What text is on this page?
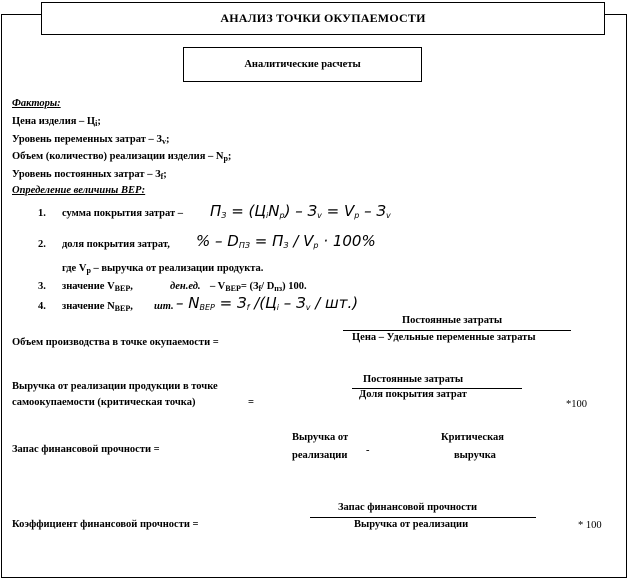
АНАЛИЗ ТОЧКИ ОКУПАЕМОСТИ
Аналитические расчеты
Факторы:
Цена изделия – Цi;
Уровень переменных затрат – Зv;
Объем (количество) реализации изделия – Np;
Уровень постоянных затрат – Зf;
Определение величины ВЕР:
1. сумма покрытия затрат – ПЗ = (ЦiNp) – Зv = Vp – Зv
2. доля покрытия затрат, % – DПЗ = ПЗ / Vp · 100%
где Vp – выручка от реализации продукта.
3. значение VBEP,	ден.ед. – VBEP= (Зf/ Dпз) 100.
4. значение NBEP, шт. – NBEP = Зf /(Цi – Зv / шт.)
Объем производства в точке окупаемости =
Постоянные затраты
Цена – Удельные переменные затраты
Выручка от реализации продукции в точке
самоокупаемости (критическая точка)	=
Постоянные затраты
Доля покрытия затрат
*100
Запас финансовой прочности =
Выручка от
реализации -
Критическая
выручка
Коэффициент финансовой прочности =
Запас финансовой прочности
Выручка от реализации	* 100
